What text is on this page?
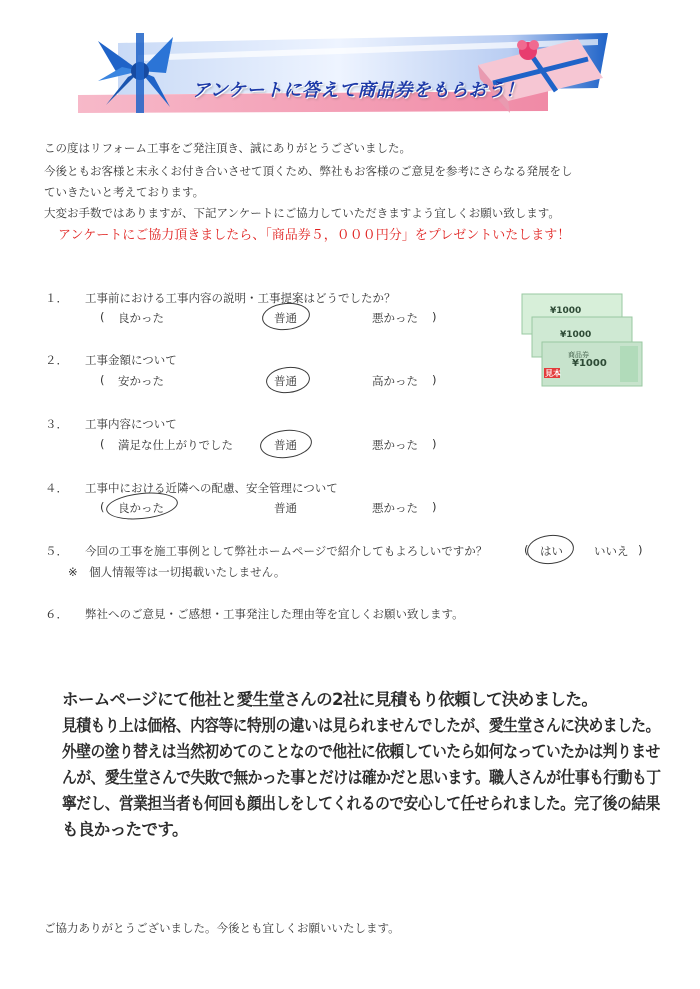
アンケートに答えて商品券をもらおう！
この度はリフォーム工事をご発注頂き、誠にありがとうございました。
今後ともお客様と末永くお付き合いさせて頂くため、弊社もお客様のご意見を参考にさらなる発展をし
ていきたいと考えております。
大変お手数ではありますが、下記アンケートにご協力していただきますよう宜しくお願い致します。
アンケートにご協力頂きましたら、「商品券５，０００円分」をプレゼントいたします！
¥1000
¥1000
商品券
¥1000
見本
１． 工事前における工事内容の説明・工事提案はどうでしたか？
( 良かった	普通	悪かった )
２． 工事金額について
( 安かった	普通	高かった )
３． 工事内容について
( 満足な仕上がりでした	普通	悪かった )
４． 工事中における近隣への配慮、安全管理について
( 良かった	普通	悪かった )
５． 今回の工事を施工事例として弊社ホームページで紹介してもよろしいですか？	( はい	いいえ )
※　個人情報等は一切掲載いたしません。
６． 弊社へのご意見・ご感想・工事発注した理由等を宜しくお願い致します。
ホームページにて他社と愛生堂さんの2社に見積もり依頼して決めました。
見積もり上は価格、内容等に特別の違いは見られませんでしたが、愛生堂さんに決めました。
外壁の塗り替えは当然初めてのことなので他社に依頼していたら如何なっていたかは判りませ
んが、愛生堂さんで失敗で無かった事とだけは確かだと思います。職人さんが仕事も行動も丁
寧だし、営業担当者も何回も顔出しをしてくれるので安心して任せられました。完了後の結果
も良かったです。
ご協力ありがとうございました。今後とも宜しくお願いいたします。
